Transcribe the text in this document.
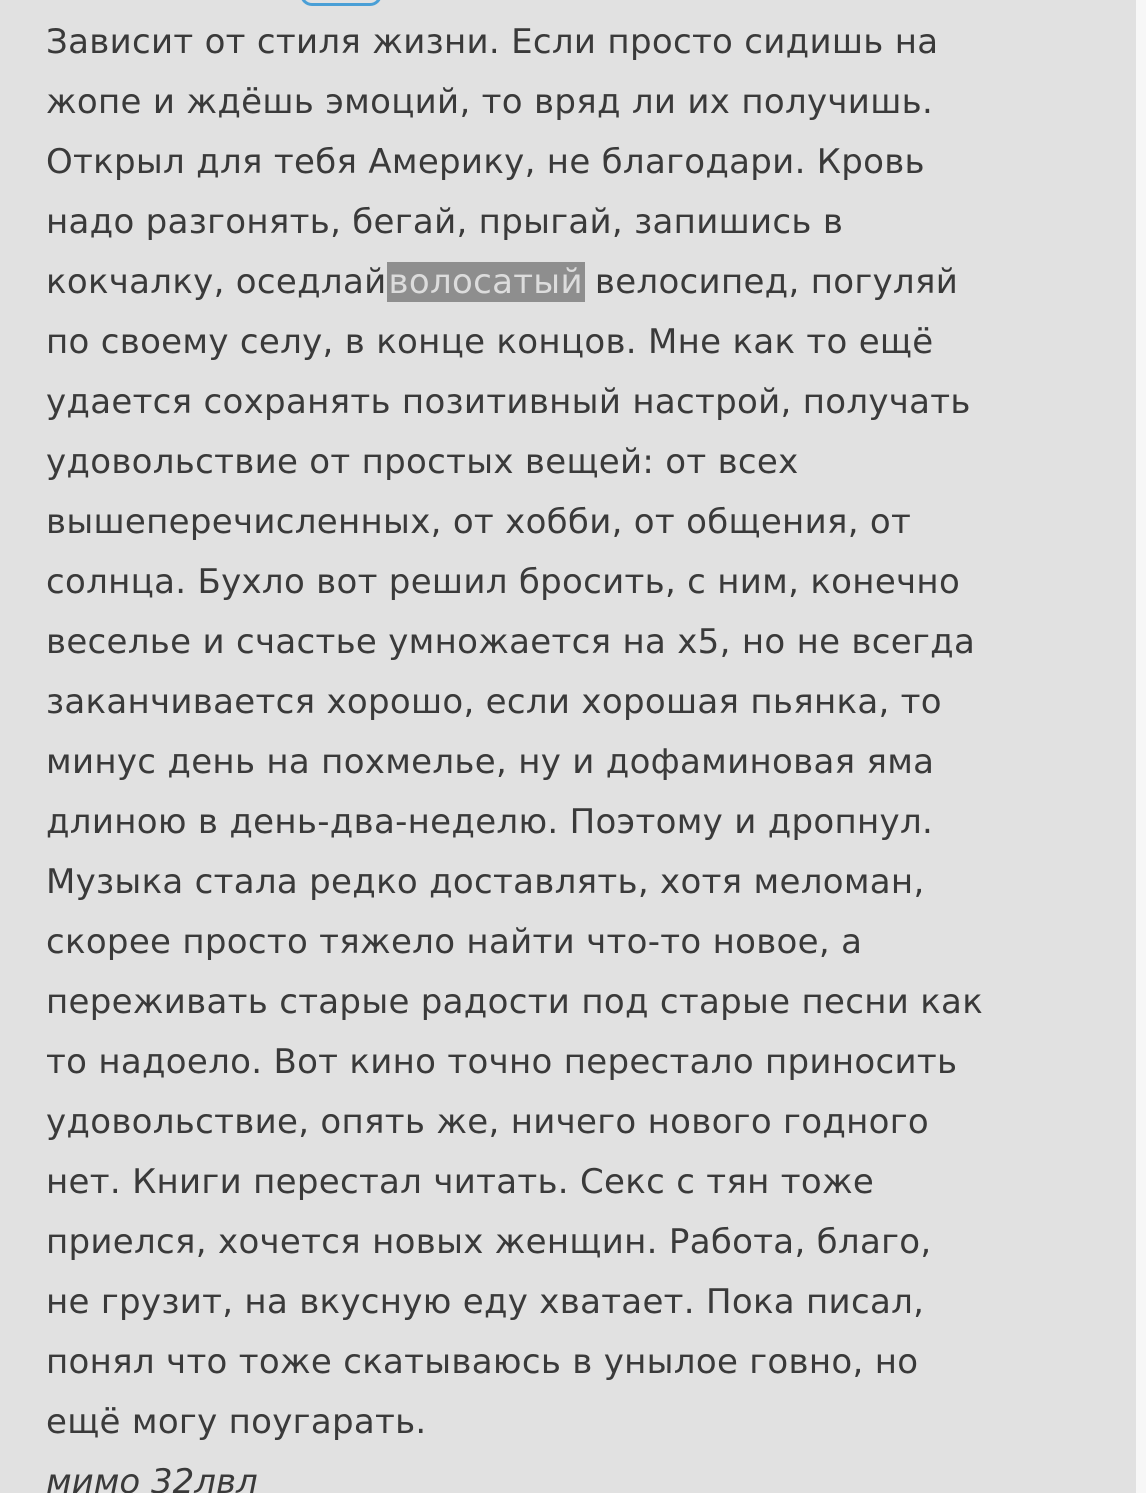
Зависит от стиля жизни. Если просто сидишь на
жопе и ждёшь эмоций, то вряд ли их получишь.
Открыл для тебя Америку, не благодари. Кровь
надо разгонять, бегай, прыгай, запишись в
кокчалку, оседлайволосатый велосипед, погуляй
по своему селу, в конце концов. Мне как то ещё
удается сохранять позитивный настрой, получать
удовольствие от простых вещей: от всех
вышеперечисленных, от хобби, от общения, от
солнца. Бухло вот решил бросить, с ним, конечно
веселье и счастье умножается на х5, но не всегда
заканчивается хорошо, если хорошая пьянка, то
минус день на похмелье, ну и дофаминовая яма
длиною в день-два-неделю. Поэтому и дропнул.
Музыка стала редко доставлять, хотя меломан,
скорее просто тяжело найти что-то новое, а
переживать старые радости под старые песни как
то надоело. Вот кино точно перестало приносить
удовольствие, опять же, ничего нового годного
нет. Книги перестал читать. Секс с тян тоже
приелся, хочется новых женщин. Работа, благо,
не грузит, на вкусную еду хватает. Пока писал,
понял что тоже скатываюсь в унылое говно, но
ещё могу поугарать.

мимо 32лвл
